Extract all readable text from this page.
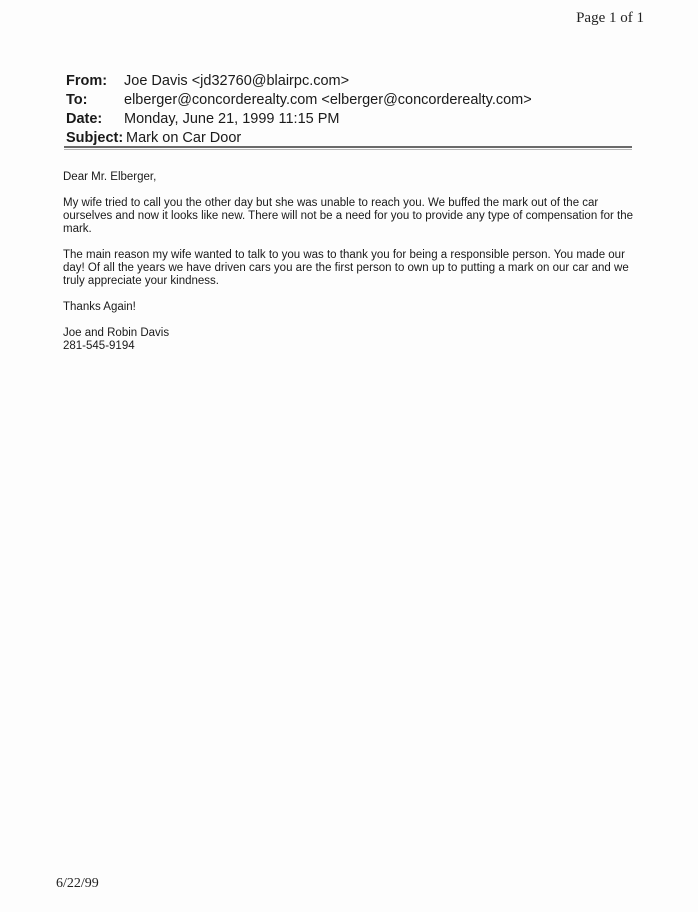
Page 1 of 1
From:	Joe Davis <jd32760@blairpc.com>
To:	elberger@concorderealty.com <elberger@concorderealty.com>
Date:	Monday, June 21, 1999 11:15 PM
Subject: Mark on Car Door

Dear Mr. Elberger,

My wife tried to call you the other day but she was unable to reach you. We buffed the mark out of the car ourselves and now it looks like new. There will not be a need for you to provide any type of compensation for the mark.

The main reason my wife wanted to talk to you was to thank you for being a responsible person. You made our day! Of all the years we have driven cars you are the first person to own up to putting a mark on our car and we truly appreciate your kindness.

Thanks Again!

Joe and Robin Davis
281-545-9194

6/22/99
